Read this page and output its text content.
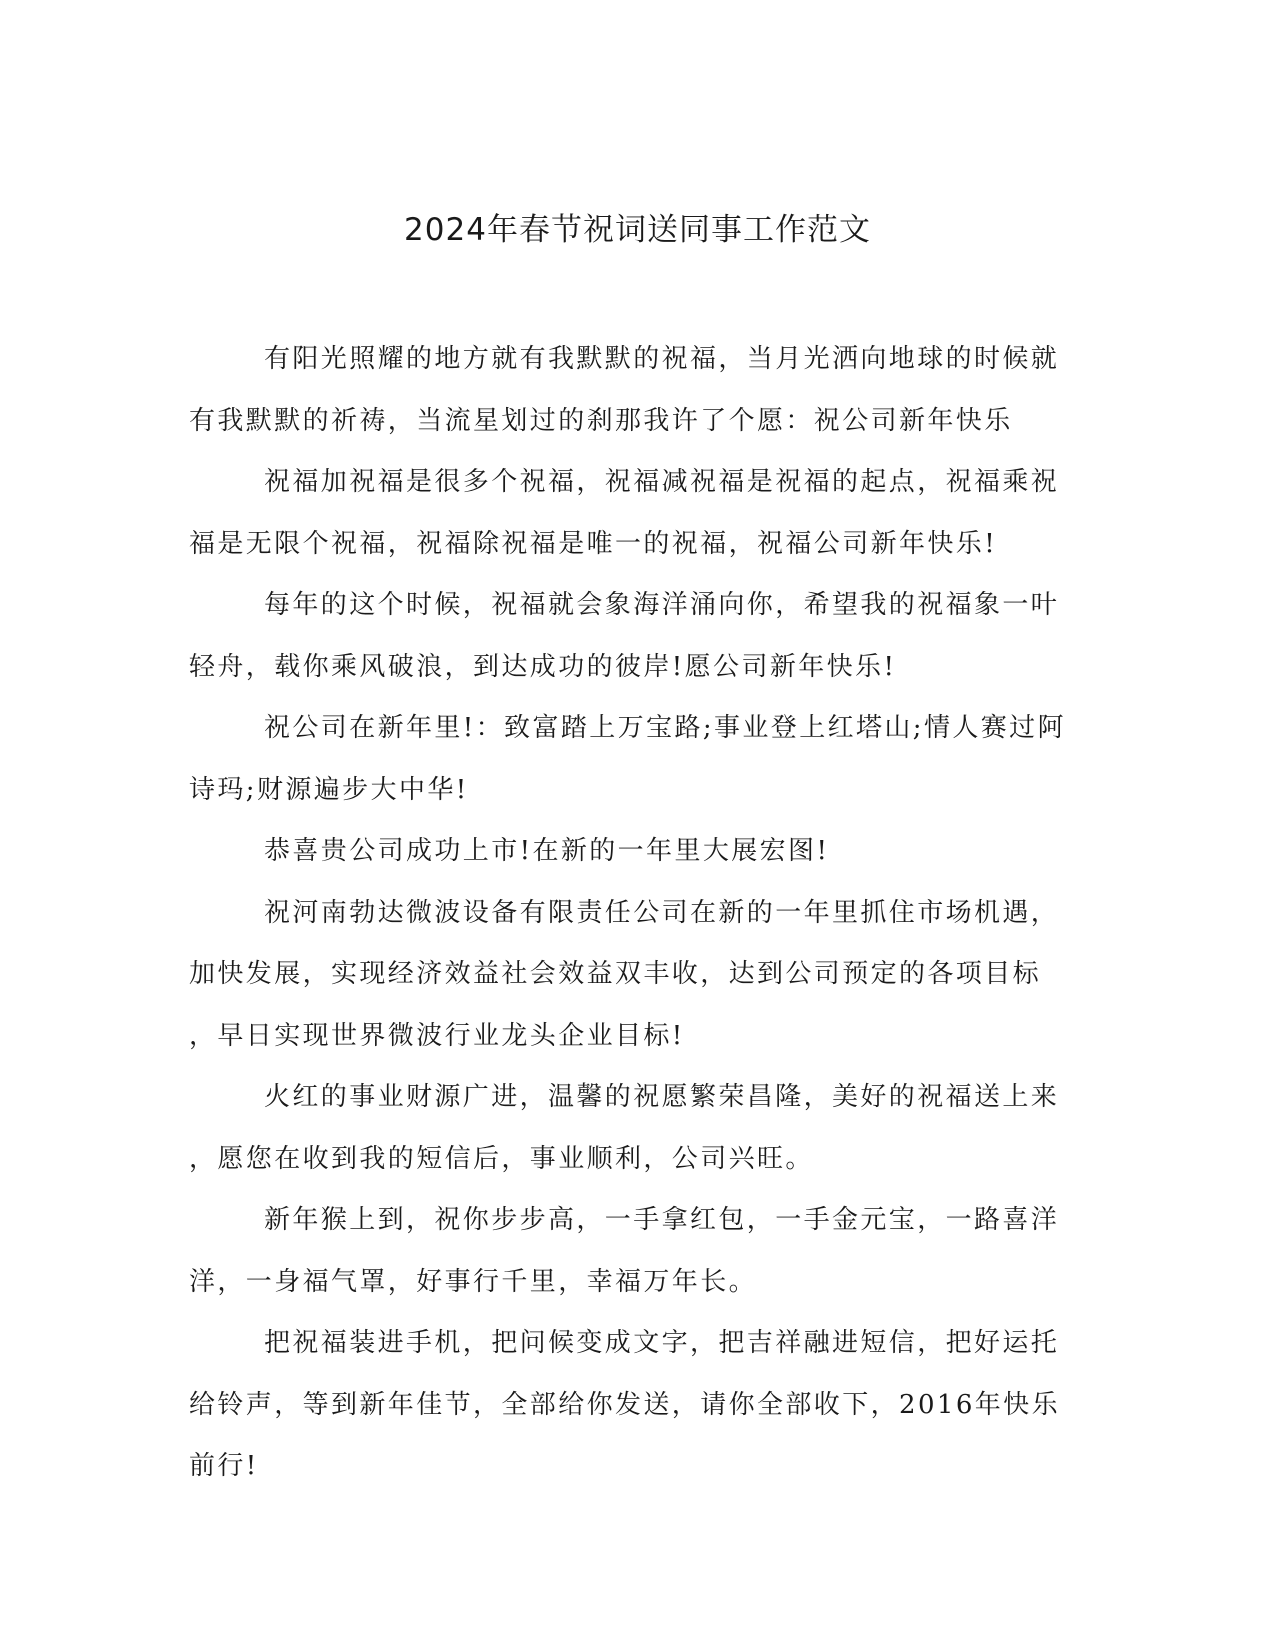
2024年春节祝词送同事工作范文

有阳光照耀的地方就有我默默的祝福，当月光洒向地球的时候就
有我默默的祈祷，当流星划过的刹那我许了个愿：祝公司新年快乐

祝福加祝福是很多个祝福，祝福减祝福是祝福的起点，祝福乘祝
福是无限个祝福，祝福除祝福是唯一的祝福，祝福公司新年快乐!

每年的这个时候，祝福就会象海洋涌向你，希望我的祝福象一叶
轻舟，载你乘风破浪，到达成功的彼岸!愿公司新年快乐!

祝公司在新年里!：致富踏上万宝路;事业登上红塔山;情人赛过阿
诗玛;财源遍步大中华!

恭喜贵公司成功上市!在新的一年里大展宏图!

祝河南勃达微波设备有限责任公司在新的一年里抓住市场机遇，
加快发展，实现经济效益社会效益双丰收，达到公司预定的各项目标
，早日实现世界微波行业龙头企业目标!

火红的事业财源广进，温馨的祝愿繁荣昌隆，美好的祝福送上来
，愿您在收到我的短信后，事业顺利，公司兴旺。

新年猴上到，祝你步步高，一手拿红包，一手金元宝，一路喜洋
洋，一身福气罩，好事行千里，幸福万年长。

把祝福装进手机，把问候变成文字，把吉祥融进短信，把好运托
给铃声，等到新年佳节，全部给你发送，请你全部收下，2016年快乐
前行!
